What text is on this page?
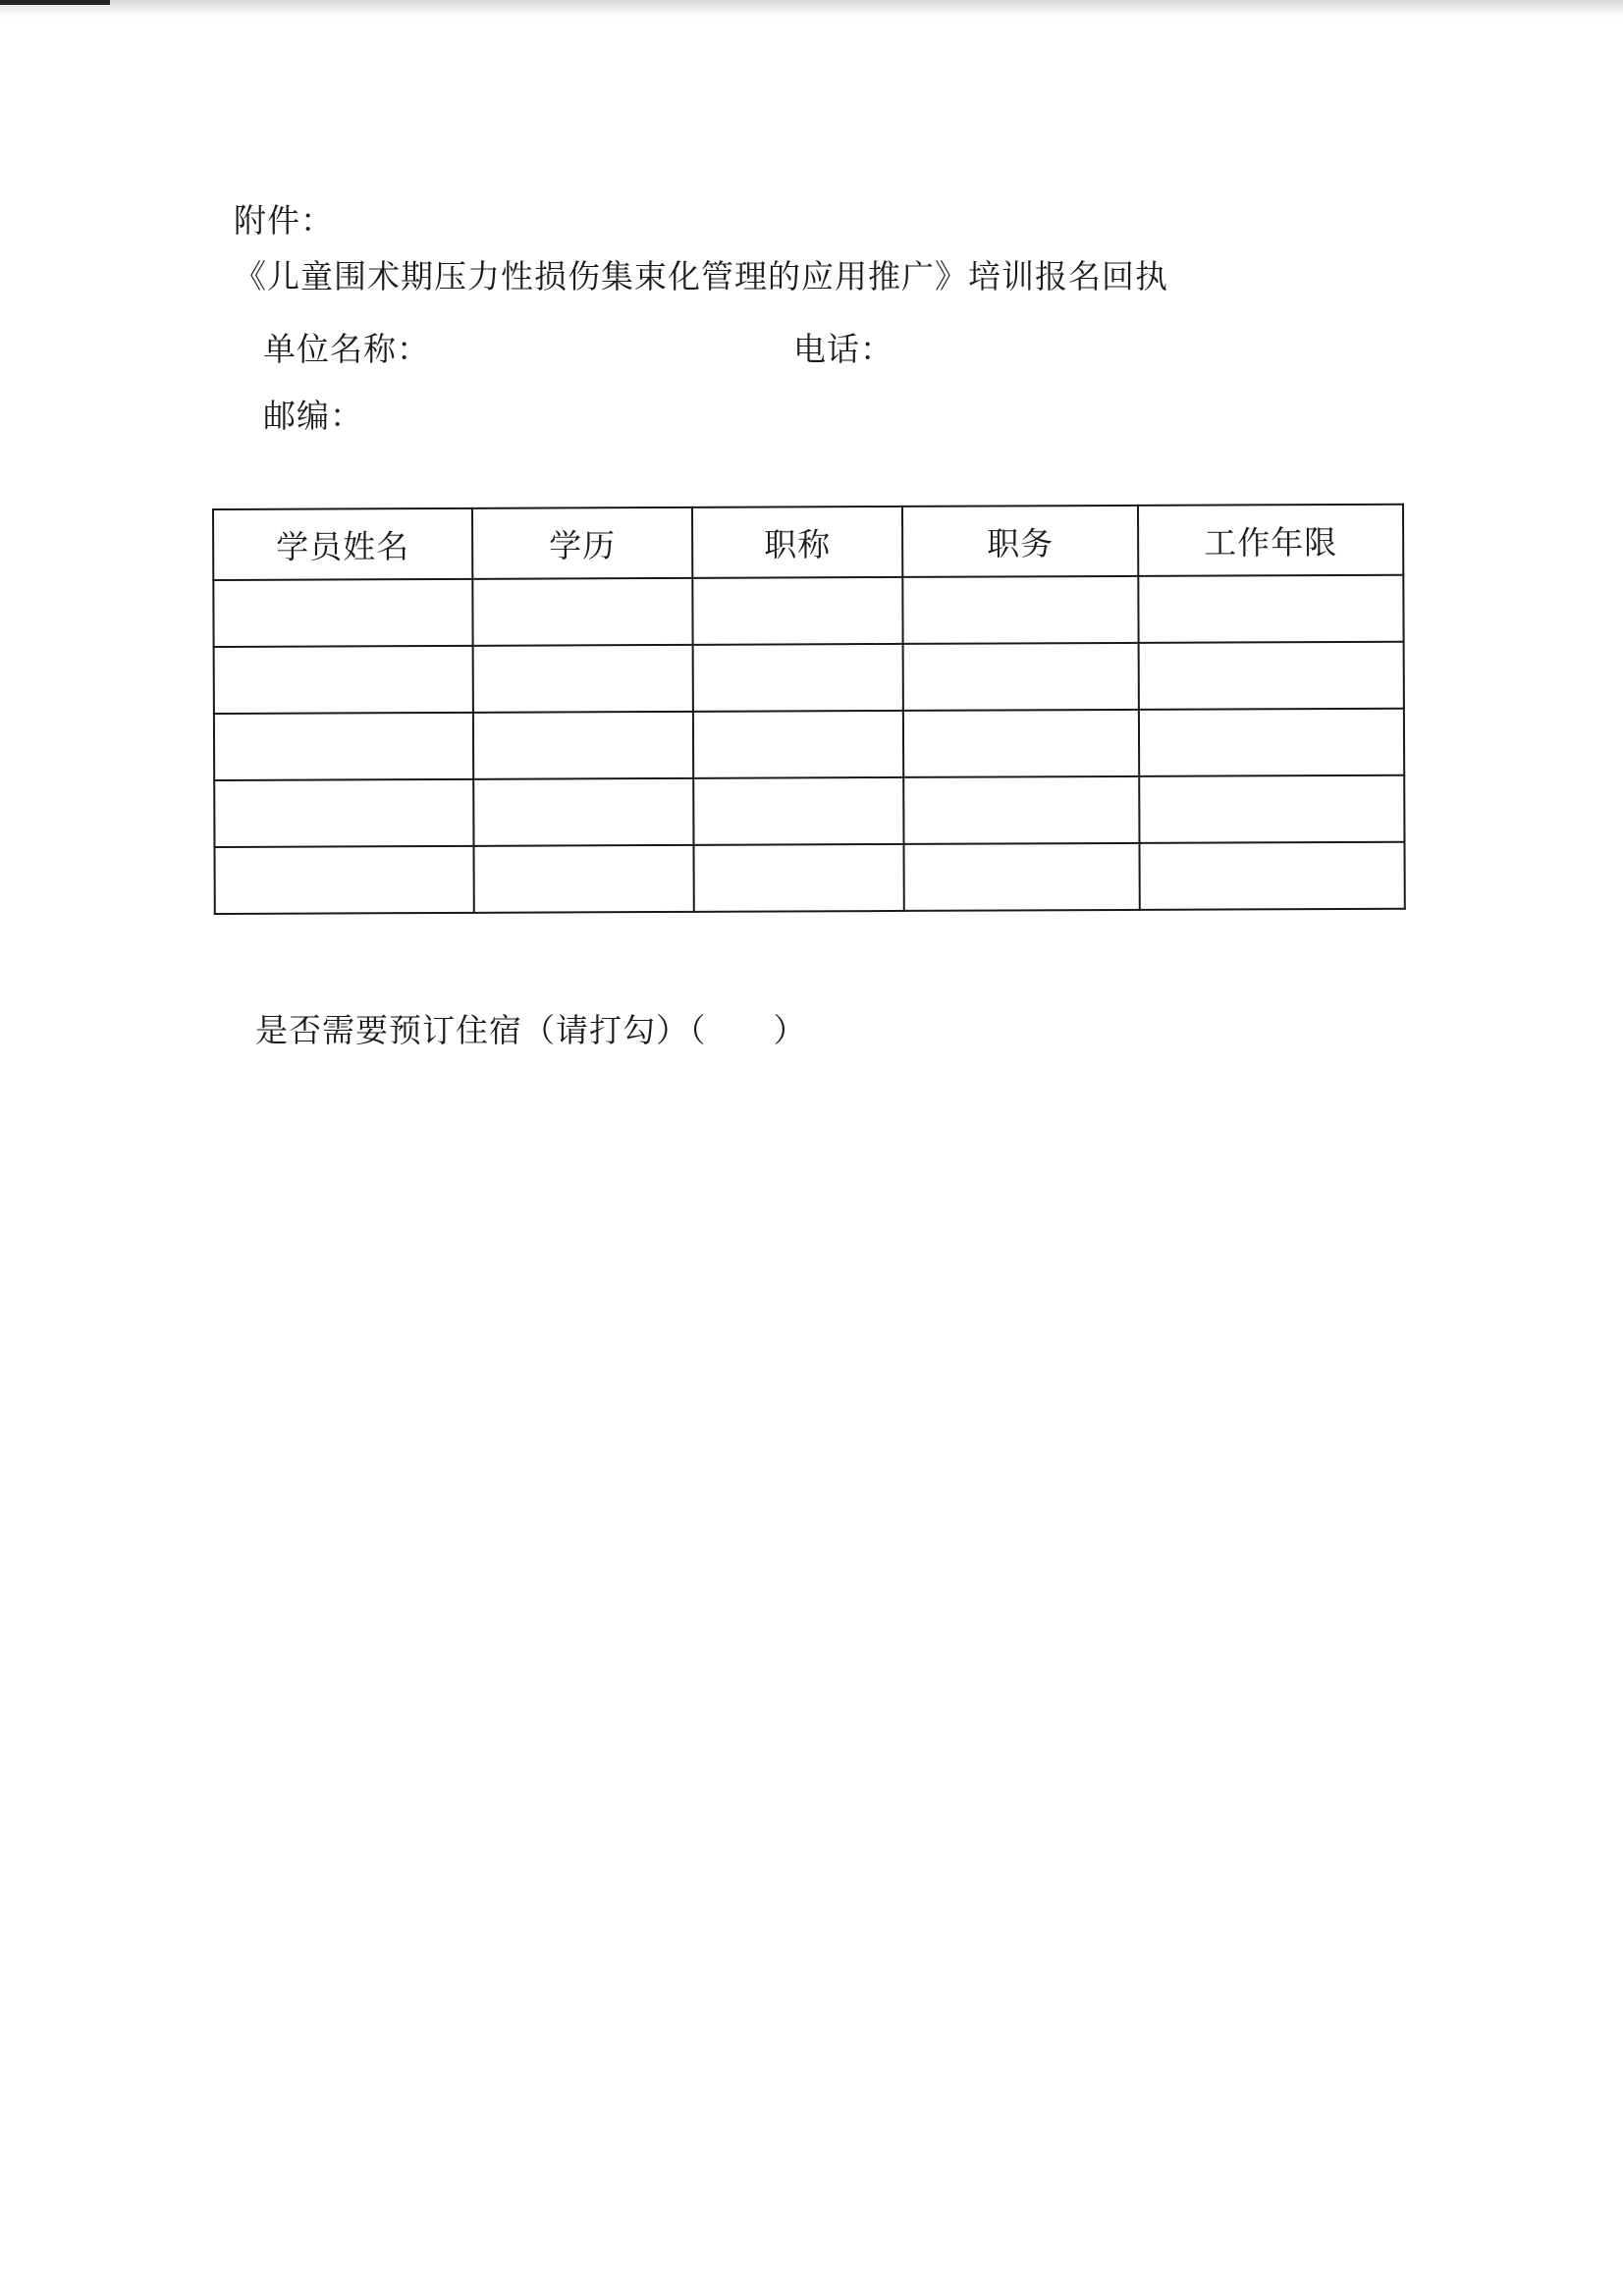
附件：
《儿童围术期压力性损伤集束化管理的应用推广》培训报名回执
单位名称：	电话：
邮编：
学员姓名	学历	职称	职务	工作年限

是否需要预订住宿（请打勾）（　　）
